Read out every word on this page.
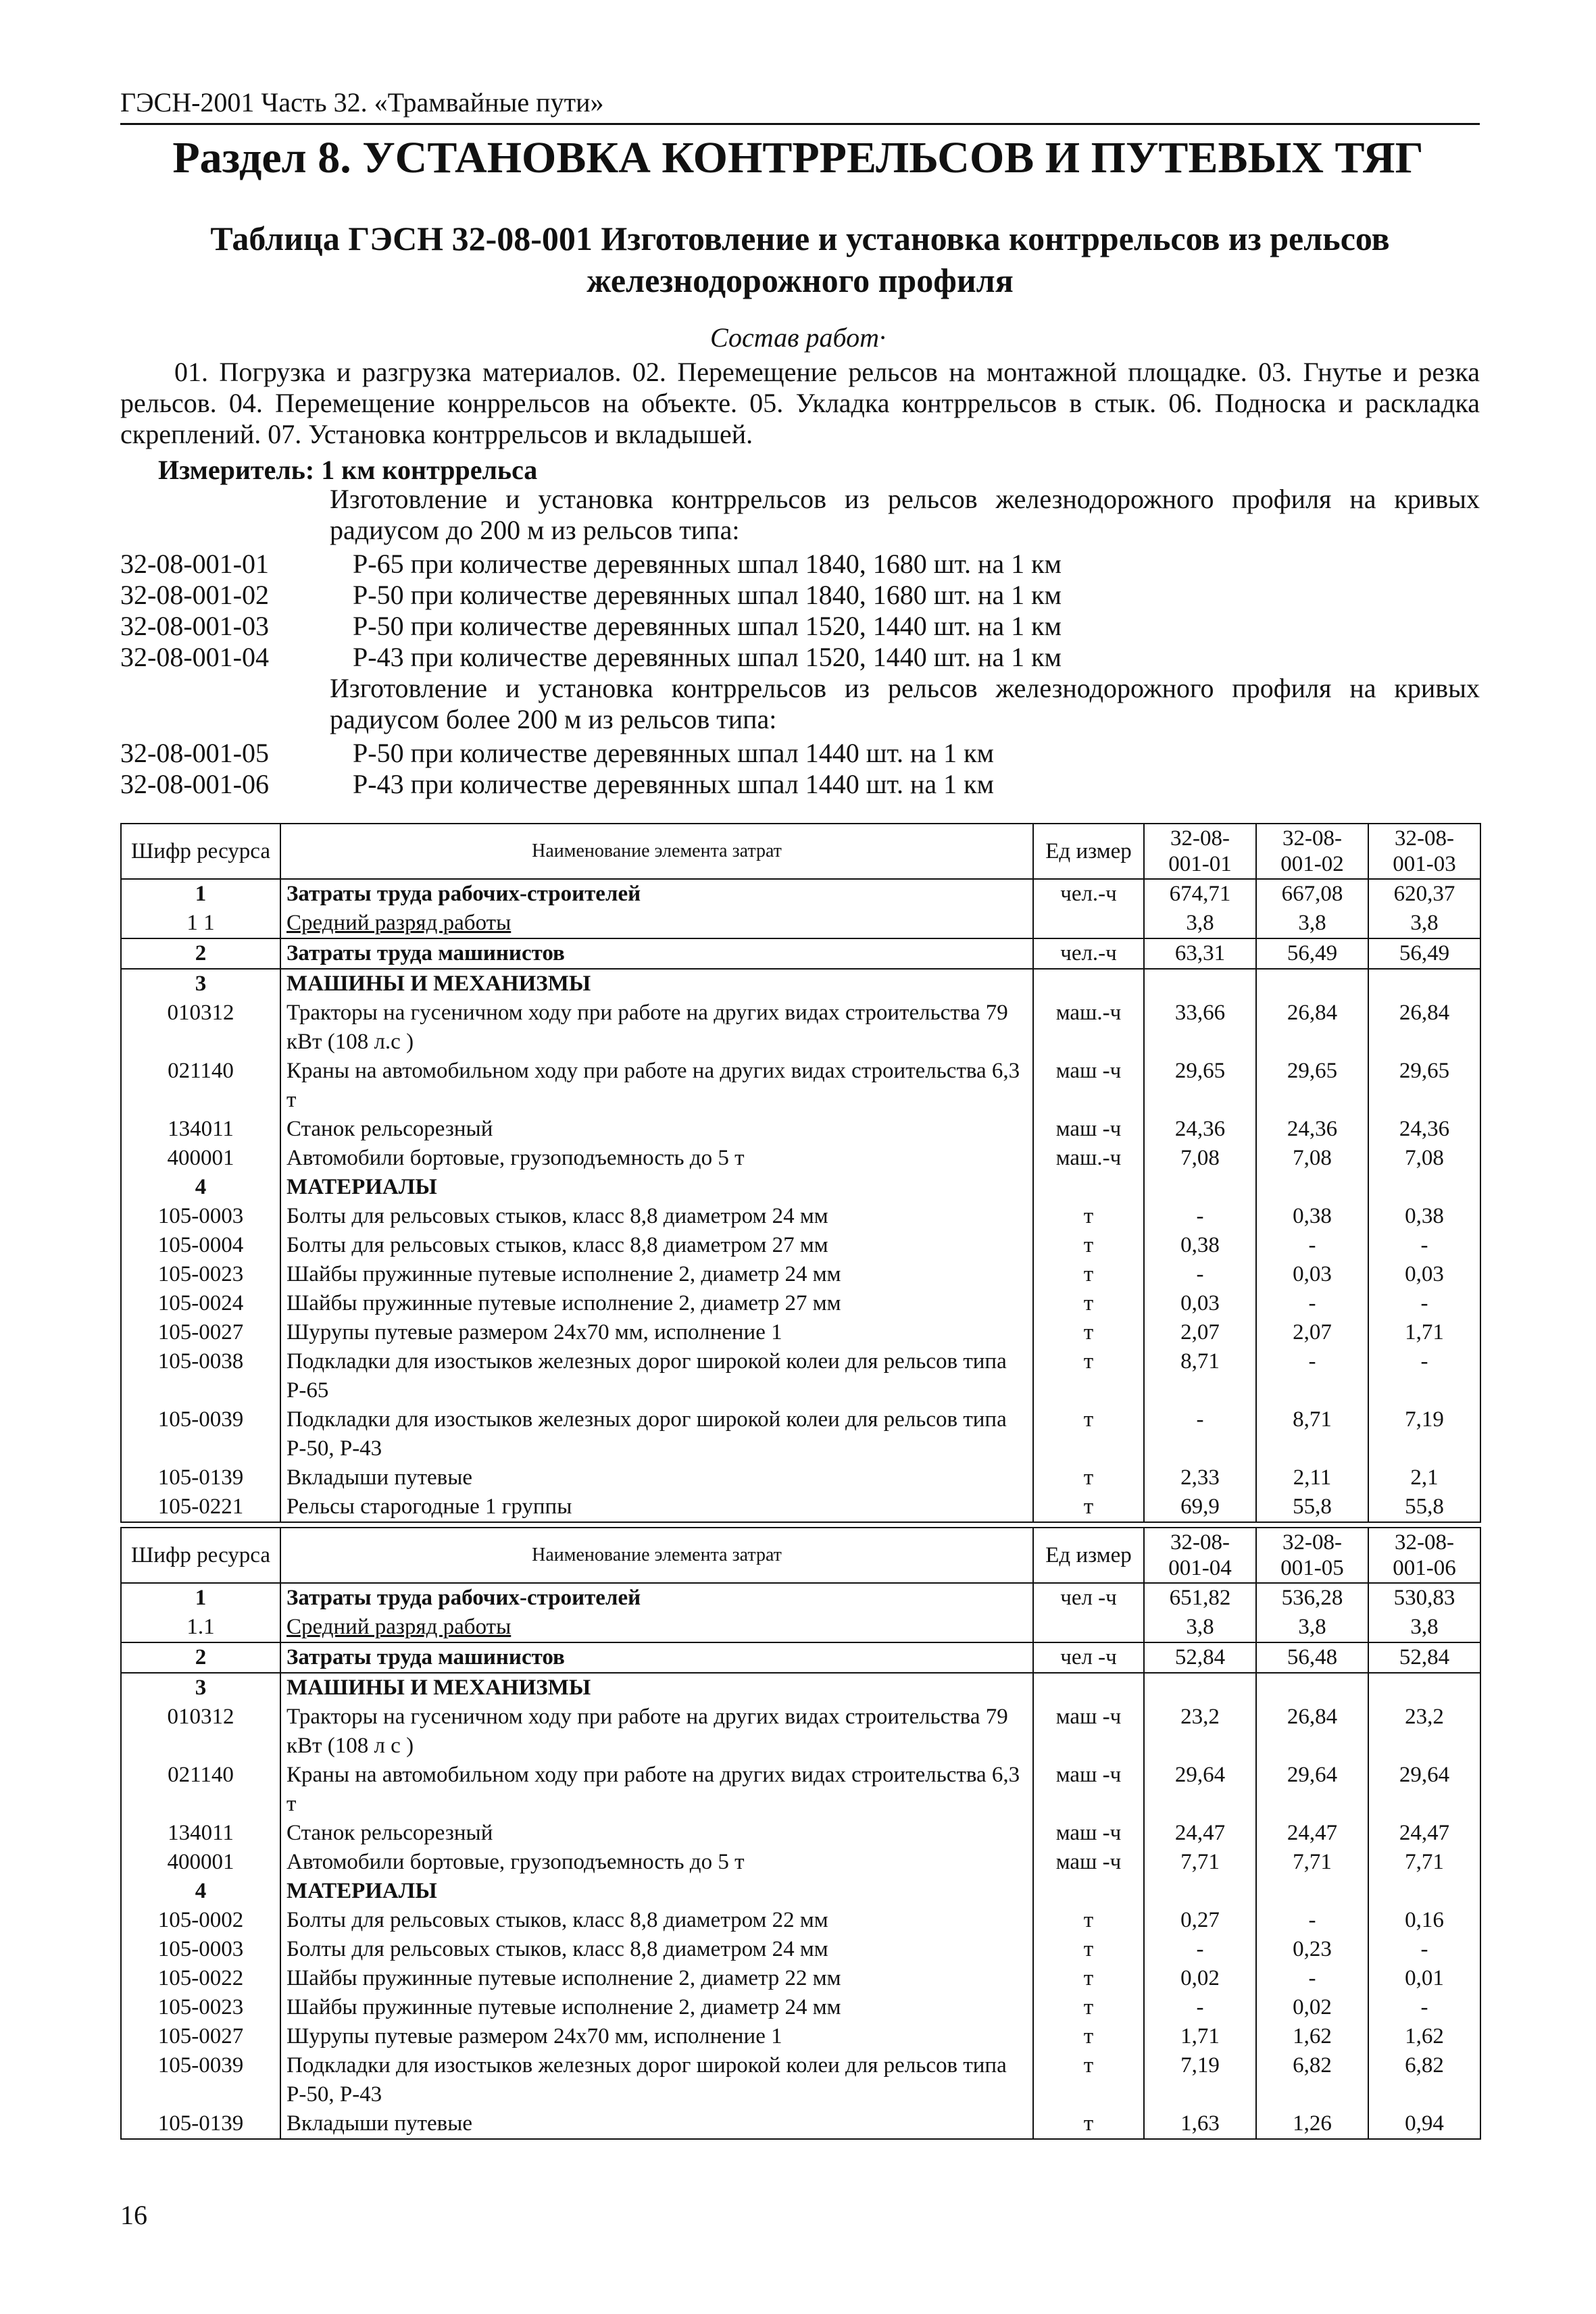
ГЭСН-2001 Часть 32. «Трамвайные пути»
Раздел 8. УСТАНОВКА КОНТРРЕЛЬСОВ И ПУТЕВЫХ ТЯГ
Таблица ГЭСН 32-08-001 Изготовление и установка контррельсов из рельсов железнодорожного профиля
Состав работ·
01. Погрузка и разгрузка материалов. 02. Перемещение рельсов на монтажной площадке. 03. Гнутье и резка рельсов. 04. Перемещение конррельсов на объекте. 05. Укладка контррельсов в стык. 06. Подноска и раскладка скреплений. 07. Установка контррельсов и вкладышей.
Измеритель: 1 км контррельса
Изготовление и установка контррельсов из рельсов железнодорожного профиля на кривых радиусом до 200 м из рельсов типа:
32-08-001-01	Р-65 при количестве деревянных шпал 1840, 1680 шт. на 1 км
32-08-001-02	Р-50 при количестве деревянных шпал 1840, 1680 шт. на 1 км
32-08-001-03	Р-50 при количестве деревянных шпал 1520, 1440 шт. на 1 км
32-08-001-04	Р-43 при количестве деревянных шпал 1520, 1440 шт. на 1 км
Изготовление и установка контррельсов из рельсов железнодорожного профиля на кривых радиусом более 200 м из рельсов типа:
32-08-001-05	Р-50 при количестве деревянных шпал 1440 шт. на 1 км
32-08-001-06	Р-43 при количестве деревянных шпал 1440 шт. на 1 км
Шифр ресурса	Наименование элемента затрат	Ед измер	32-08-001-01	32-08-001-02	32-08-001-03
1	Затраты труда рабочих-строителей	чел.-ч	674,71	667,08	620,37
1 1	Средний разряд работы		3,8	3,8	3,8
2	Затраты труда машинистов	чел.-ч	63,31	56,49	56,49
3	МАШИНЫ И МЕХАНИЗМЫ				
010312	Тракторы на гусеничном ходу при работе на других видах строительства 79 кВт (108 л.с )	маш.-ч	33,66	26,84	26,84
021140	Краны на автомобильном ходу при работе на других видах строительства 6,3 т	маш -ч	29,65	29,65	29,65
134011	Станок рельсорезный	маш -ч	24,36	24,36	24,36
400001	Автомобили бортовые, грузоподъемность до 5 т	маш.-ч	7,08	7,08	7,08
4	МАТЕРИАЛЫ				
105-0003	Болты для рельсовых стыков, класс 8,8 диаметром 24 мм	т	-	0,38	0,38
105-0004	Болты для рельсовых стыков, класс 8,8 диаметром 27 мм	т	0,38	-	-
105-0023	Шайбы пружинные путевые исполнение 2, диаметр 24 мм	т	-	0,03	0,03
105-0024	Шайбы пружинные путевые исполнение 2, диаметр 27 мм	т	0,03	-	-
105-0027	Шурупы путевые размером 24х70 мм, исполнение 1	т	2,07	2,07	1,71
105-0038	Подкладки для изостыков железных дорог широкой колеи для рельсов типа Р-65	т	8,71	-	-
105-0039	Подкладки для изостыков железных дорог широкой колеи для рельсов типа Р-50, Р-43	т	-	8,71	7,19
105-0139	Вкладыши путевые	т	2,33	2,11	2,1
105-0221	Рельсы старогодные 1 группы	т	69,9	55,8	55,8
Шифр ресурса	Наименование элемента затрат	Ед измер	32-08-001-04	32-08-001-05	32-08-001-06
1	Затраты труда рабочих-строителей	чел -ч	651,82	536,28	530,83
1.1	Средний разряд работы		3,8	3,8	3,8
2	Затраты труда машинистов	чел -ч	52,84	56,48	52,84
3	МАШИНЫ И МЕХАНИЗМЫ				
010312	Тракторы на гусеничном ходу при работе на других видах строительства 79 кВт (108 л с )	маш -ч	23,2	26,84	23,2
021140	Краны на автомобильном ходу при работе на других видах строительства 6,3 т	маш -ч	29,64	29,64	29,64
134011	Станок рельсорезный	маш -ч	24,47	24,47	24,47
400001	Автомобили бортовые, грузоподъемность до 5 т	маш -ч	7,71	7,71	7,71
4	МАТЕРИАЛЫ				
105-0002	Болты для рельсовых стыков, класс 8,8 диаметром 22 мм	т	0,27	-	0,16
105-0003	Болты для рельсовых стыков, класс 8,8 диаметром 24 мм	т	-	0,23	-
105-0022	Шайбы пружинные путевые исполнение 2, диаметр 22 мм	т	0,02	-	0,01
105-0023	Шайбы пружинные путевые исполнение 2, диаметр 24 мм	т	-	0,02	-
105-0027	Шурупы путевые размером 24х70 мм, исполнение 1	т	1,71	1,62	1,62
105-0039	Подкладки для изостыков железных дорог широкой колеи для рельсов типа Р-50, Р-43	т	7,19	6,82	6,82
105-0139	Вкладыши путевые	т	1,63	1,26	0,94
16
